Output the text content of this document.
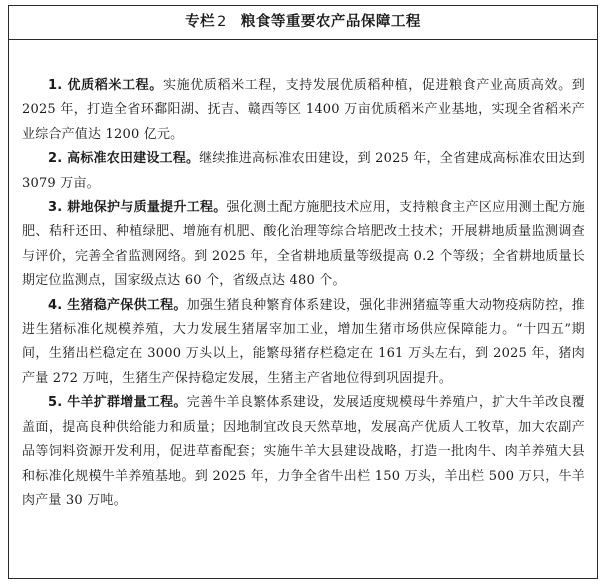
专栏 2 粮食等重要农产品保障工程

1. 优质稻米工程。实施优质稻米工程，支持发展优质稻种植，促进粮食产业高质高效。到 2025 年，打造全省环鄱阳湖、抚吉、赣西等区 1400 万亩优质稻米产业基地，实现全省稻米产业综合产值达 1200 亿元。

2. 高标准农田建设工程。继续推进高标准农田建设，到 2025 年，全省建成高标准农田达到 3079 万亩。

3. 耕地保护与质量提升工程。强化测土配方施肥技术应用，支持粮食主产区应用测土配方施肥、秸秆还田、种植绿肥、增施有机肥、酸化治理等综合培肥改土技术；开展耕地质量监测调查与评价，完善全省监测网络。到 2025 年，全省耕地质量等级提高 0.2 个等级；全省耕地质量长期定位监测点，国家级点达 60 个，省级点达 480 个。

4. 生猪稳产保供工程。加强生猪良种繁育体系建设，强化非洲猪瘟等重大动物疫病防控，推进生猪标准化规模养殖，大力发展生猪屠宰加工业，增加生猪市场供应保障能力。“十四五”期间，生猪出栏稳定在 3000 万头以上，能繁母猪存栏稳定在 161 万头左右，到 2025 年，猪肉产量 272 万吨，生猪生产保持稳定发展，生猪主产省地位得到巩固提升。

5. 牛羊扩群增量工程。完善牛羊良繁体系建设，发展适度规模母牛养殖户，扩大牛羊改良覆盖面，提高良种供给能力和质量；因地制宜改良天然草地，发展高产优质人工牧草，加大农副产品等饲料资源开发利用，促进草畜配套；实施牛羊大县建设战略，打造一批肉牛、肉羊养殖大县和标准化规模牛羊养殖基地。到 2025 年，力争全省牛出栏 150 万头，羊出栏 500 万只，牛羊肉产量 30 万吨。
